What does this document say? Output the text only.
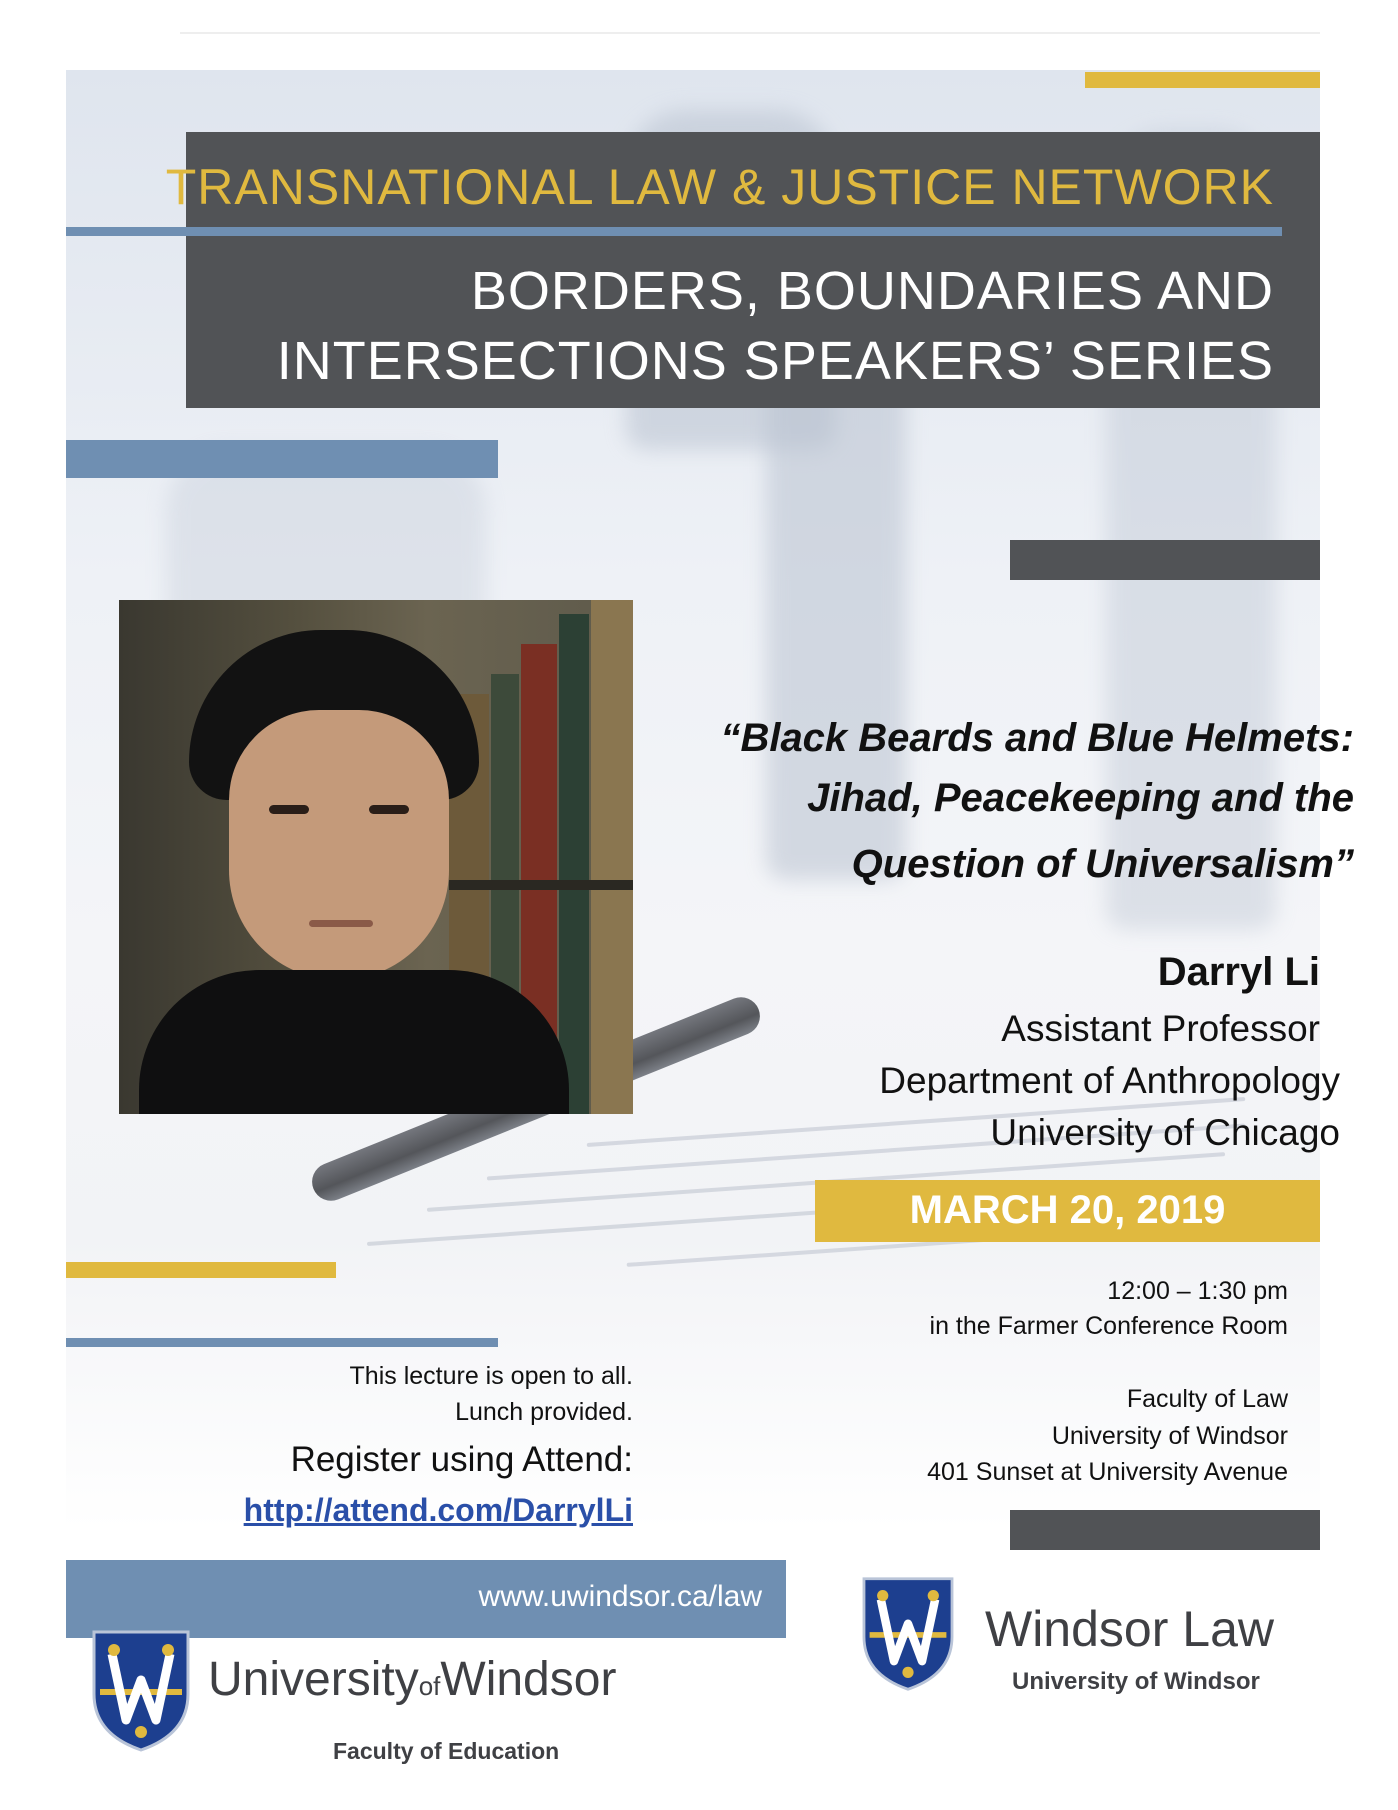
TRANSNATIONAL LAW & JUSTICE NETWORK
BORDERS, BOUNDARIES AND
INTERSECTIONS SPEAKERS’ SERIES
“Black Beards and Blue Helmets:
Jihad, Peacekeeping and the
Question of Universalism”
Darryl Li
Assistant Professor
Department of Anthropology
University of Chicago
MARCH 20, 2019
12:00 – 1:30 pm
in the Farmer Conference Room
Faculty of Law
University of Windsor
401 Sunset at University Avenue
This lecture is open to all.
Lunch provided.
Register using Attend:
http://attend.com/DarrylLi
www.uwindsor.ca/law
UniversityofWindsor
Faculty of Education
Windsor Law
University of Windsor
